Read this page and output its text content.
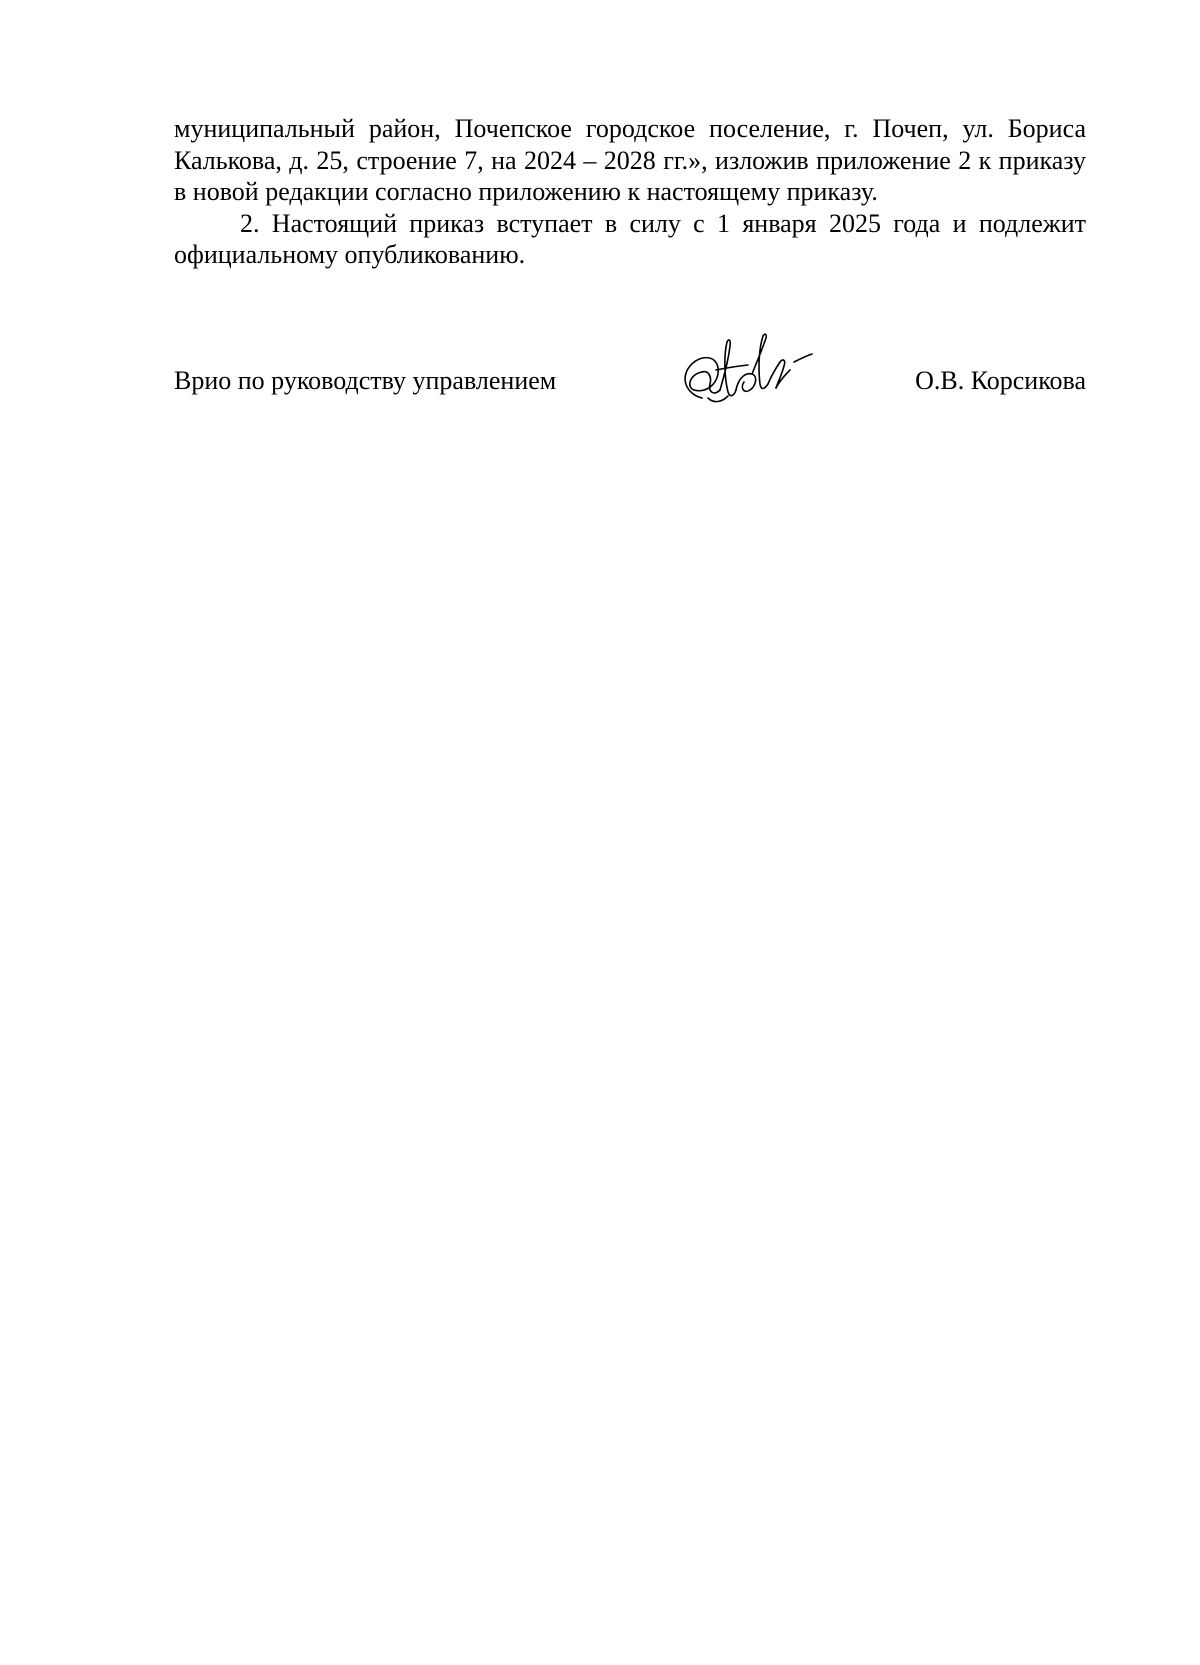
муниципальный район, Почепское городское поселение, г. Почеп, ул. Бориса Калькова, д. 25, строение 7, на 2024 – 2028 гг.», изложив приложение 2 к приказу в новой редакции согласно приложению к настоящему приказу.

2. Настоящий приказ вступает в силу с 1 января 2025 года и подлежит официальному опубликованию.

Врио по руководству управлением	О.В. Корсикова
